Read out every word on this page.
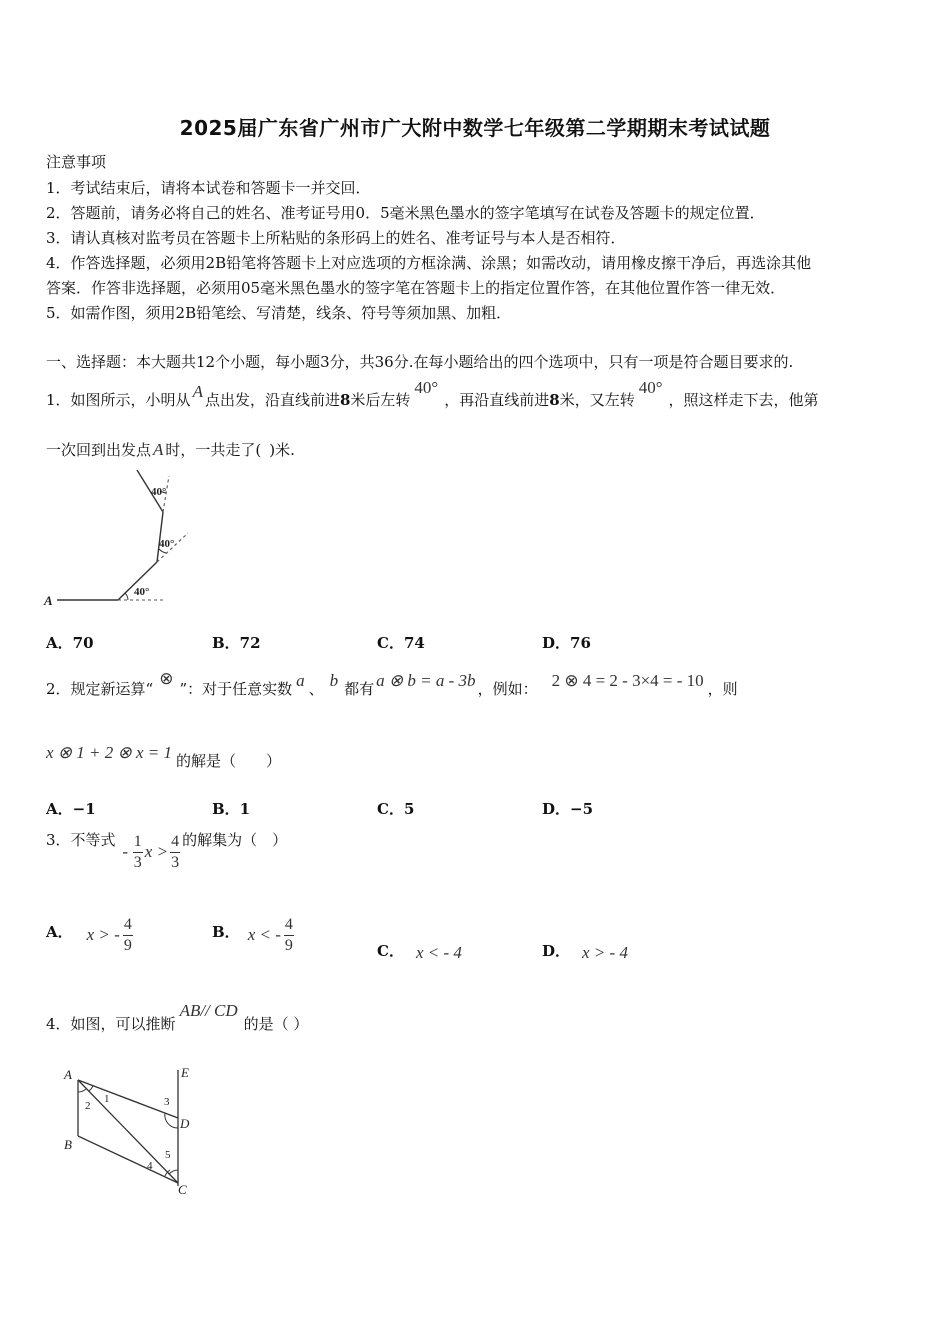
2025届广东省广州市广大附中数学七年级第二学期期末考试试题
注意事项
1．考试结束后，请将本试卷和答题卡一并交回．
2．答题前，请务必将自己的姓名、准考证号用0．5毫米黑色墨水的签字笔填写在试卷及答题卡的规定位置．
3．请认真核对监考员在答题卡上所粘贴的条形码上的姓名、准考证号与本人是否相符．
4．作答选择题，必须用2B铅笔将答题卡上对应选项的方框涂满、涂黑；如需改动，请用橡皮擦干净后，再选涂其他
答案．作答非选择题，必须用05毫米黑色墨水的签字笔在答题卡上的指定位置作答，在其他位置作答一律无效．
5．如需作图，须用2B铅笔绘、写清楚，线条、符号等须加黑、加粗．
一、选择题：本大题共12个小题，每小题3分，共36分.在每小题给出的四个选项中，只有一项是符合题目要求的.
1．如图所示，小明从 A 点出发，沿直线前进8米后左转40°，再沿直线前进8米，又左转40°，照这样走下去，他第
一次回到出发点 A 时，一共走了( )米.
A
40°
40°
40°
A．70	B．72	C．74	D．76
2．规定新运算“⊗”：对于任意实数 a 、 b 都有 a ⊗ b = a - 3b ，例如： 2 ⊗ 4 = 2 - 3×4 = - 10 ，则
x ⊗ 1 + 2 ⊗ x = 1 的解是（　　）
A．−1	B．1	C．5	D．−5
3．不等式 - $\frac{1}{3}$ $x > \frac{4}{3}$ 的解集为（　）
A． x > - $\frac{4}{9}$	B． x < - $\frac{4}{9}$	C． x < - 4	D． x > - 4
4．如图，可以推断AB// CD的是（ ）
A
B
C
D
E
1
2	3
4
5
